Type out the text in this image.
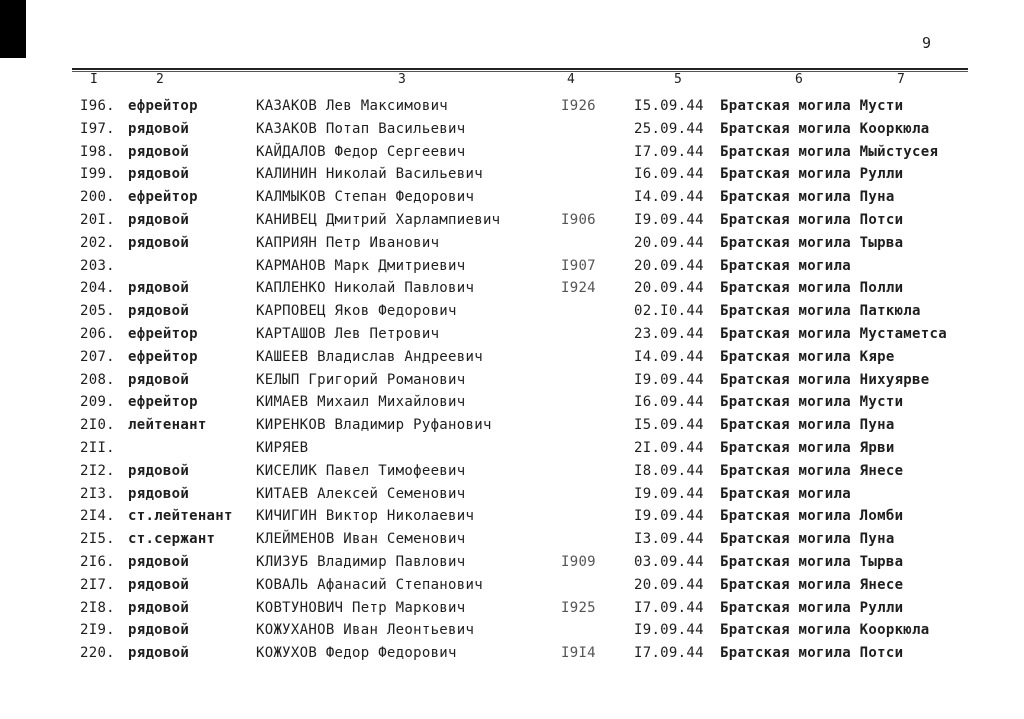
9
I	2	3	4	5	6	7
I96. ефрейтор	КАЗАКОВ Лев Максимович	I926	I5.09.44 Братская могила Мусти
I97. рядовой	КАЗАКОВ Потап Васильевич	25.09.44 Братская могила Кооркюла
I98. рядовой	КАЙДАЛОВ Федор Сергеевич	I7.09.44 Братская могила Мыйстусея
I99. рядовой	КАЛИНИН Николай Васильевич	I6.09.44 Братская могила Рулли
200. ефрейтор	КАЛМЫКОВ Степан Федорович	I4.09.44 Братская могила Пуна
20I. рядовой	КАНИВЕЦ Дмитрий Харлампиевич	I906	I9.09.44 Братская могила Потси
202. рядовой	КАПРИЯН Петр Иванович	20.09.44 Братская могила Тырва
203.	КАРМАНОВ Марк Дмитриевич	I907	20.09.44 Братская могила
204. рядовой	КАПЛЕНКО Николай Павлович	I924	20.09.44 Братская могила Полли
205. рядовой	КАРПОВЕЦ Яков Федорович	02.I0.44 Братская могила Паткюла
206. ефрейтор	КАРТАШОВ Лев Петрович	23.09.44 Братская могила Мустаметса
207. ефрейтор	КАШЕЕВ Владислав Андреевич	I4.09.44 Братская могила Кяре
208. рядовой	КЕЛЫП Григорий Романович	I9.09.44 Братская могила Нихуярве
209. ефрейтор	КИМАЕВ Михаил Михайлович	I6.09.44 Братская могила Мусти
2I0. лейтенант	КИРЕНКОВ Владимир Руфанович	I5.09.44 Братская могила Пуна
2II.	КИРЯЕВ	2I.09.44 Братская могила Ярви
2I2. рядовой	КИСЕЛИК Павел Тимофеевич	I8.09.44 Братская могила Янесе
2I3. рядовой	КИТАЕВ Алексей Семенович	I9.09.44 Братская могила
2I4. ст.лейтенант КИЧИГИН Виктор Николаевич	I9.09.44 Братская могила Ломби
2I5. ст.сержант	КЛЕЙМЕНОВ Иван Семенович	I3.09.44 Братская могила Пуна
2I6. рядовой	КЛИЗУБ Владимир Павлович	I909	03.09.44 Братская могила Тырва
2I7. рядовой	КОВАЛЬ Афанасий Степанович	20.09.44 Братская могила Янесе
2I8. рядовой	КОВТУНОВИЧ Петр Маркович	I925	I7.09.44 Братская могила Рулли
2I9. рядовой	КОЖУХАНОВ Иван Леонтьевич	I9.09.44 Братская могила Кооркюла
220. рядовой	КОЖУХОВ Федор Федорович	I9I4	I7.09.44 Братская могила Потси
